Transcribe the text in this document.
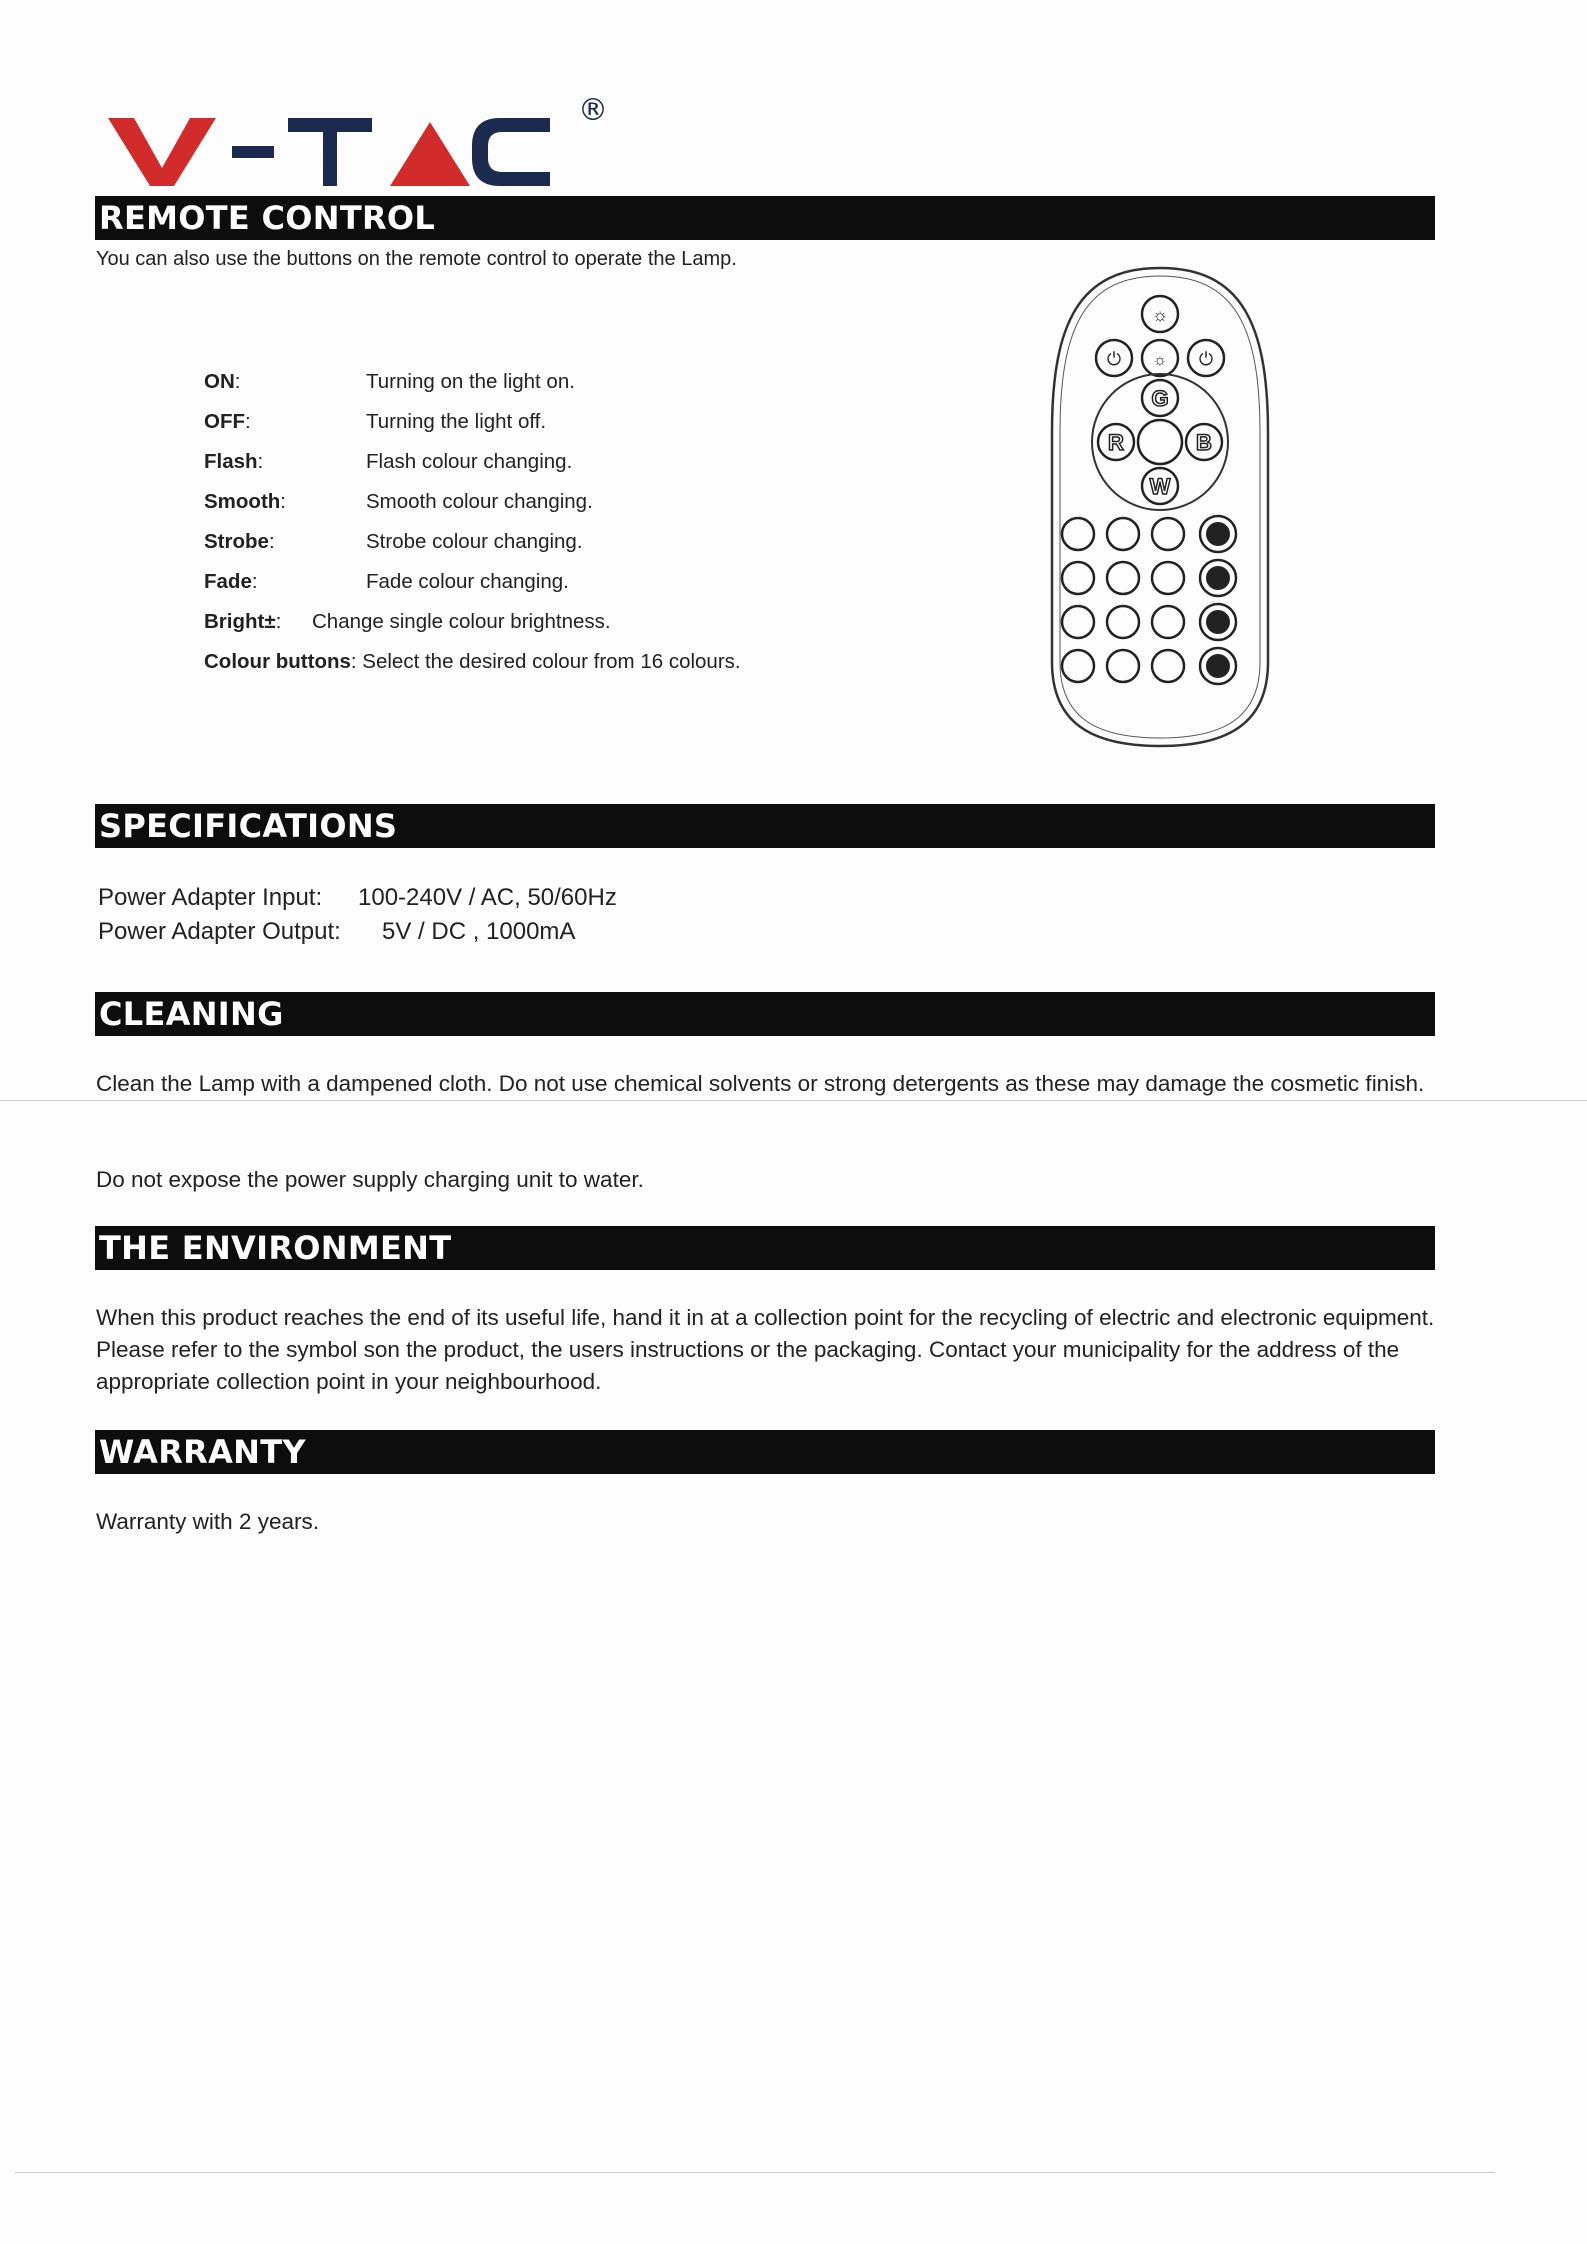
®
REMOTE CONTROL
You can also use the buttons on the remote control to operate the Lamp.
ON:	Turning on the light on.
OFF:	Turning the light off.
Flash:	Flash colour changing.
Smooth:	Smooth colour changing.
Strobe:	Strobe colour changing.
Fade:	Fade colour changing.
Bright±: Change single colour brightness.
Colour buttons: Select the desired colour from 16 colours.
☼
⏻ ☼ ⏻
G
R	B
W
SPECIFICATIONS
Power Adapter Input: 100-240V / AC, 50/60Hz
Power Adapter Output: 5V / DC , 1000mA
CLEANING
Clean the Lamp with a dampened cloth. Do not use chemical solvents or strong detergents as these may damage the cosmetic finish.
Do not expose the power supply charging unit to water.
THE ENVIRONMENT
When this product reaches the end of its useful life, hand it in at a collection point for the recycling of electric and electronic equipment. Please refer to the symbol son the product, the users instructions or the packaging. Contact your municipality for the address of the appropriate collection point in your neighbourhood.
WARRANTY
Warranty with 2 years.
